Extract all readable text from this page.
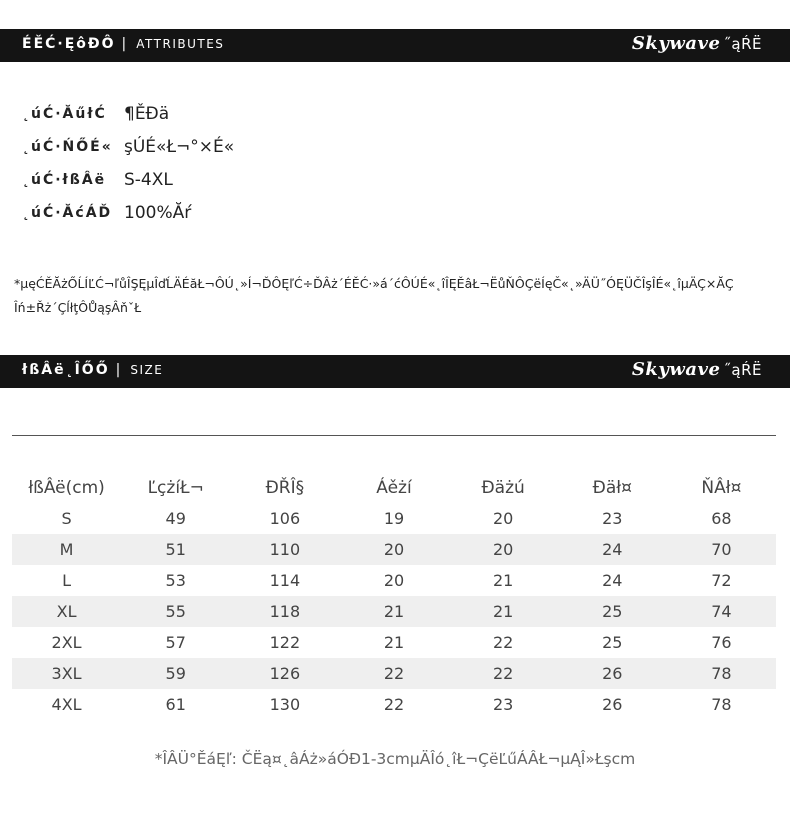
ÉĚĆ·ĘôĐÔ | ATTRIBUTES	Skywave ˝ąŔË
˛úĆ·ĂűłĆ	¶ĚĐä
˛úĆ·ŃŐÉ« şÚÉ«Ł¬°×É«
˛úĆ·łßÂë	S-4XL
˛úĆ·ĂćÁĎ 100%Ăŕ
*µęĆĚĂżŐĹÍĽĆ¬ľůÎŞĘµÎďĹÄÉăŁ¬ÔÚ˛»Í¬ĎÔĘľĆ÷ĎÂż´ÉĚĆ·»á´ćÔÚÉ«˛îÎĘĚâŁ¬ËůŇÔÇëÍęČ«˛»ÄÜ˝ÓĘÜČÎşÎÉ«˛îµÄÇ×ĂÇ Îń±Řż´ÇĺłţÔŮąşÂňˇŁ
łßÂë˛ÎŐŐ | SIZE	Skywave ˝ąŔË
łßÂë(cm)	ĽçżíŁ¬	ĐŘÎ§	Áěżí	Đäżú	Đäł¤	ŇÂł¤
S	49	106	19	20	23	68
M	51	110	20	20	24	70
L	53	114	20	21	24	72
XL	55	118	21	21	25	74
2XL	57	122	21	22	25	76
3XL	59	126	22	22	26	78
4XL	61	130	22	23	26	78
*ÎÂÜ°ĚáĘľ: ČËą¤˛âÁż»áÓĐ1-3cmµÄÎó˛îŁ¬ÇëĽűÁÂŁ¬µĄÎ»Łşcm
